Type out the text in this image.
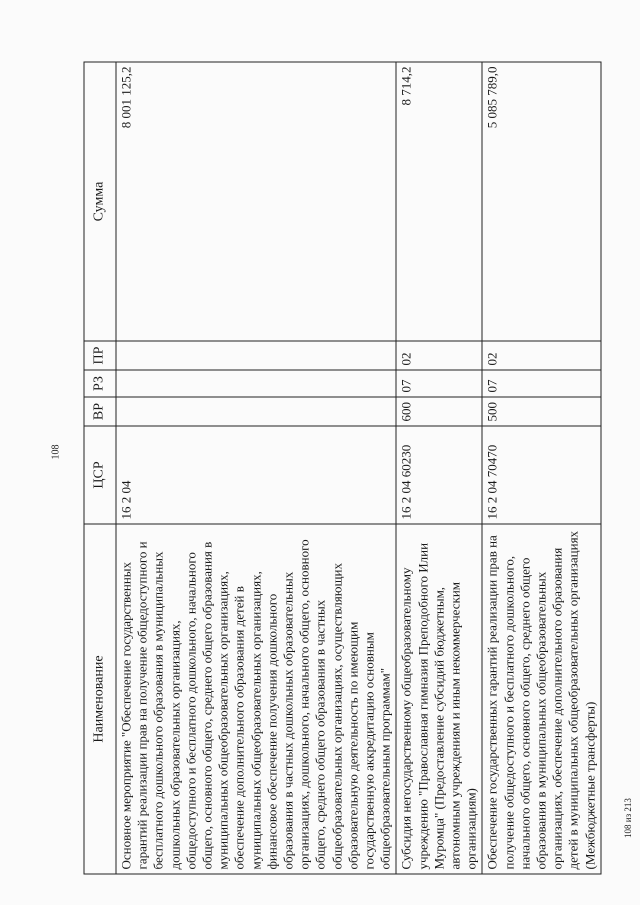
108
Наименование	ЦСР	ВР	РЗ	ПР	Сумма
Основное мероприятие "Обеспечение государственных гарантий реализации прав на получение общедоступного и бесплатного дошкольного образования в муниципальных дошкольных образовательных организациях, общедоступного и бесплатного дошкольного, начального общего, основного общего, среднего общего образования в муниципальных общеобразовательных организациях, обеспечение дополнительного образования детей в муниципальных общеобразовательных организациях, финансовое обеспечение получения дошкольного образования в частных дошкольных образовательных организациях, дошкольного, начального общего, основного общего, среднего общего образования в частных общеобразовательных организациях, осуществляющих образовательную деятельность по имеющим государственную аккредитацию основным общеобразовательным программам"	16 2 04				8 001 125,2
Субсидия негосударственному общеобразовательному учреждению "Православная гимназия Преподобного Илии Муромца" (Предоставление субсидий бюджетным, автономным учреждениям и иным некоммерческим организациям)	16 2 04 60230	600	07	02	8 714,2
Обеспечение государственных гарантий реализации прав на получение общедоступного и бесплатного дошкольного, начального общего, основного общего, среднего общего образования в муниципальных общеобразовательных организациях, обеспечение дополнительного образования детей в муниципальных общеобразовательных организациях (Межбюджетные трансферты)	16 2 04 70470	500	07	02	5 085 789,0
108 из 213
